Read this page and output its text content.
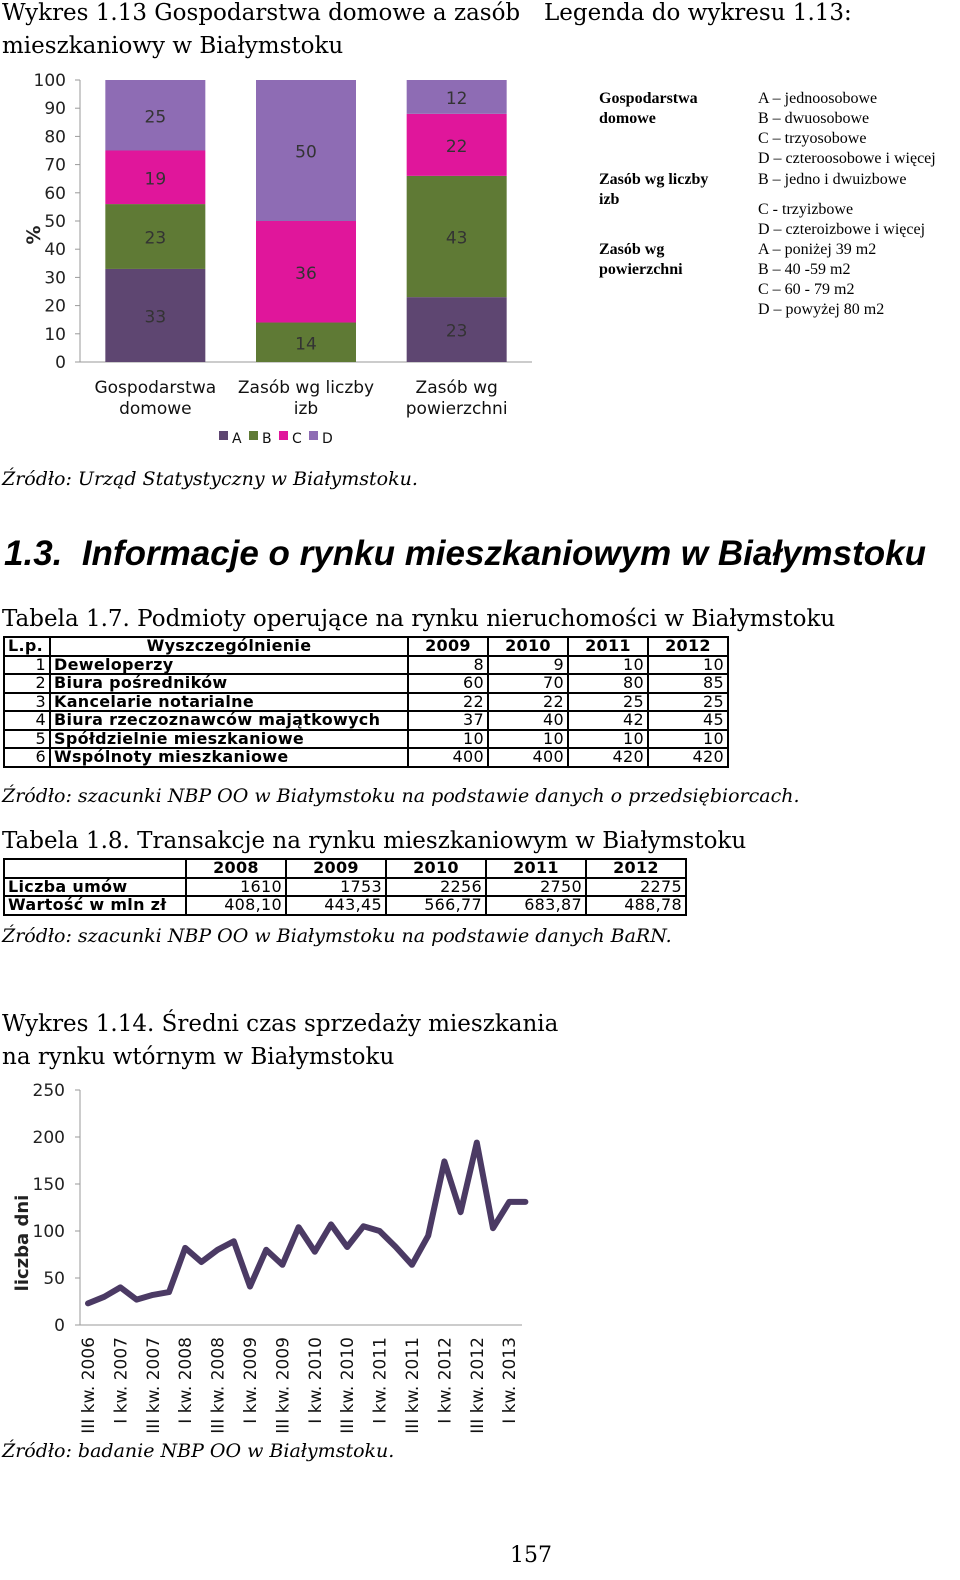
Wykres 1.13 Gospodarstwa domowe a zasób
mieszkaniowy w Białymstoku
Legenda do wykresu 1.13:
0
10
20
30
40
50
60
70
80
90
100
%
33
23
19
25
Gospodarstwa
domowe
14
36
50
Zasób wg liczby
izb
23
43
22
12
Zasób wg
powierzchni
A B C D
Gospodarstwa
domowe
Zasób wg liczby
izb
Zasób wg
powierzchni
A – jednoosobowe
B – dwuosobowe
C – trzyosobowe
D – czteroosobowe i więcej
B – jedno i dwuizbowe
C - trzyizbowe
D – czteroizbowe i więcej
A – poniżej 39 m2
B – 40 -59 m2
C – 60 - 79 m2
D – powyżej 80 m2
Źródło: Urząd Statystyczny w Białymstoku.
1.3.  Informacje o rynku mieszkaniowym w Białymstoku
Tabela 1.7. Podmioty operujące na rynku nieruchomości w Białymstoku
L.p.	Wyszczególnienie	2009	2010	2011	2012
1	Deweloperzy	8	9	10	10
2	Biura pośredników	60	70	80	85
3	Kancelarie notarialne	22	22	25	25
4	Biura rzeczoznawców majątkowych	37	40	42	45
5	Spółdzielnie mieszkaniowe	10	10	10	10
6	Wspólnoty mieszkaniowe	400	400	420	420
Źródło: szacunki NBP OO w Białymstoku na podstawie danych o przedsiębiorcach.
Tabela 1.8. Transakcje na rynku mieszkaniowym w Białymstoku
	2008	2009	2010	2011	2012
Liczba umów	1610	1753	2256	2750	2275
Wartość w mln zł	408,10	443,45	566,77	683,87	488,78
Źródło: szacunki NBP OO w Białymstoku na podstawie danych BaRN.
Wykres 1.14. Średni czas sprzedaży mieszkania
na rynku wtórnym w Białymstoku
0
50
100
150
200
250
liczba dni
III kw. 2006 I kw. 2007 III kw. 2007 I kw. 2008 III kw. 2008 I kw. 2009 III kw. 2009 I kw. 2010 III kw. 2010 I kw. 2011 III kw. 2011 I kw. 2012 III kw. 2012 I kw. 2013
Źródło: badanie NBP OO w Białymstoku.
157
